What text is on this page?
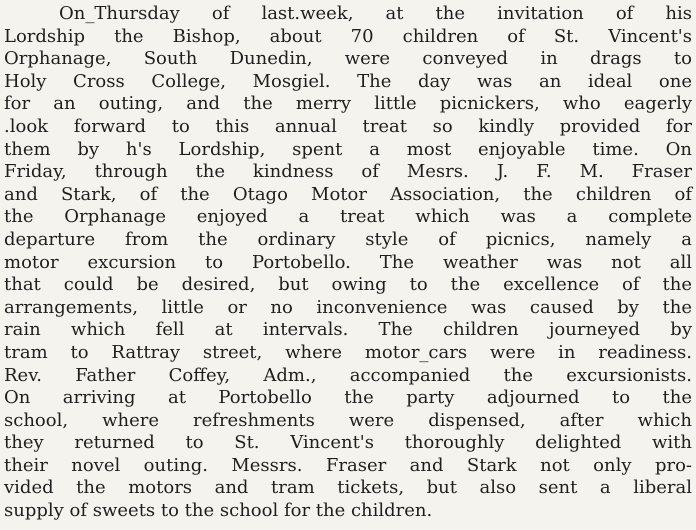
On_Thursday of last.week, at the invitation of his
Lordship the Bishop, about 70 children of St. Vincent's
Orphanage, South Dunedin, were conveyed in drags to
Holy Cross College, Mosgiel. The day was an ideal one
for an outing, and the merry little picnickers, who eagerly
.look forward to this annual treat so kindly provided for
them by h's Lordship, spent a most enjoyable time. On
Friday, through the kindness of Mesrs. J. F. M. Fraser
and Stark, of the Otago Motor Association, the children of
the Orphanage enjoyed a treat which was a complete
departure from the ordinary style of picnics, namely a
motor excursion to Portobello. The weather was not all
that could be desired, but owing to the excellence of the
arrangements, little or no inconvenience was caused by the
rain which fell at intervals. The children journeyed by
tram to Rattray street, where motor_cars were in readiness.
Rev. Father Coffey, Adm., accompanied the excursionists.
On arriving at Portobello the party adjourned to the
school, where refreshments were dispensed, after which
they returned to St. Vincent's thoroughly delighted with
their novel outing. Messrs. Fraser and Stark not only pro-
vided the motors and tram tickets, but also sent a liberal
supply of sweets to the school for the children.
